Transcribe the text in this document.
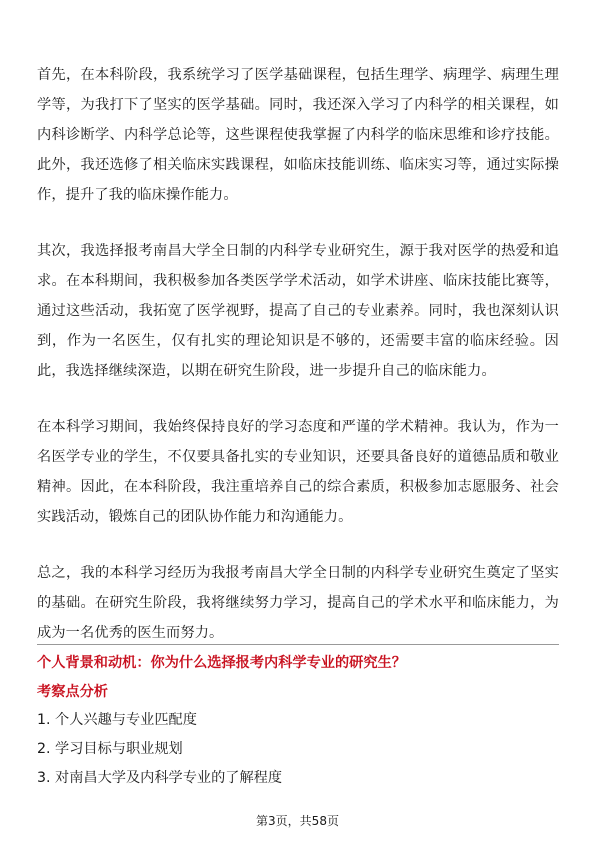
首先，在本科阶段，我系统学习了医学基础课程，包括生理学、病理学、病理生理学等，为我打下了坚实的医学基础。同时，我还深入学习了内科学的相关课程，如内科诊断学、内科学总论等，这些课程使我掌握了内科学的临床思维和诊疗技能。此外，我还选修了相关临床实践课程，如临床技能训练、临床实习等，通过实际操作，提升了我的临床操作能力。

其次，我选择报考南昌大学全日制的内科学专业研究生，源于我对医学的热爱和追求。在本科期间，我积极参加各类医学学术活动，如学术讲座、临床技能比赛等，通过这些活动，我拓宽了医学视野，提高了自己的专业素养。同时，我也深刻认识到，作为一名医生，仅有扎实的理论知识是不够的，还需要丰富的临床经验。因此，我选择继续深造，以期在研究生阶段，进一步提升自己的临床能力。

在本科学习期间，我始终保持良好的学习态度和严谨的学术精神。我认为，作为一名医学专业的学生，不仅要具备扎实的专业知识，还要具备良好的道德品质和敬业精神。因此，在本科阶段，我注重培养自己的综合素质，积极参加志愿服务、社会实践活动，锻炼自己的团队协作能力和沟通能力。

总之，我的本科学习经历为我报考南昌大学全日制的内科学专业研究生奠定了坚实的基础。在研究生阶段，我将继续努力学习，提高自己的学术水平和临床能力，为成为一名优秀的医生而努力。

个人背景和动机：你为什么选择报考内科学专业的研究生？
考察点分析
1. 个人兴趣与专业匹配度
2. 学习目标与职业规划
3. 对南昌大学及内科学专业的了解程度
第3页，共58页
